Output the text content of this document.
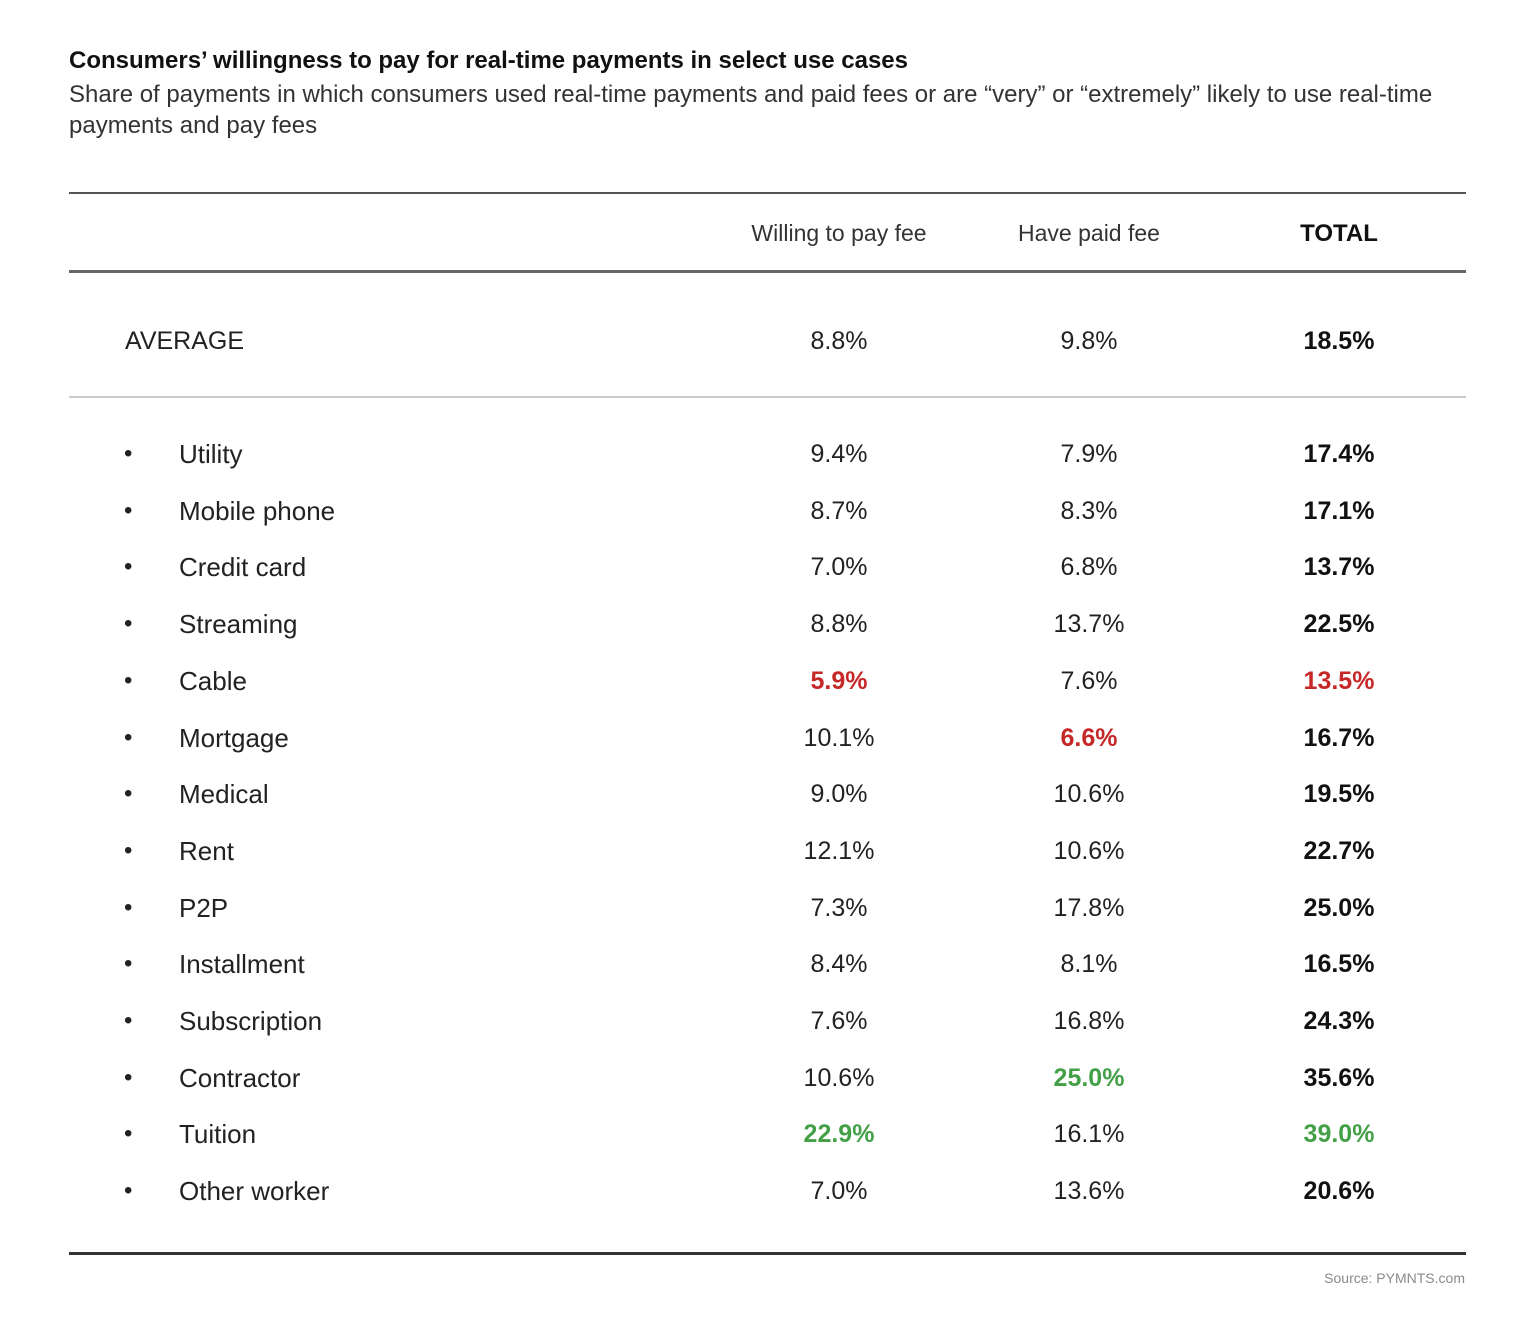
Consumers’ willingness to pay for real-time payments in select use cases
Share of payments in which consumers used real-time payments and paid fees or are “very” or “extremely” likely to use real-time payments and pay fees
Willing to pay fee	Have paid fee	TOTAL
AVERAGE	8.8%	9.8%	18.5%
• Utility	9.4%	7.9%	17.4%
• Mobile phone	8.7%	8.3%	17.1%
• Credit card	7.0%	6.8%	13.7%
• Streaming	8.8%	13.7%	22.5%
• Cable	5.9%	7.6%	13.5%
• Mortgage	10.1%	6.6%	16.7%
• Medical	9.0%	10.6%	19.5%
• Rent	12.1%	10.6%	22.7%
• P2P	7.3%	17.8%	25.0%
• Installment	8.4%	8.1%	16.5%
• Subscription	7.6%	16.8%	24.3%
• Contractor	10.6%	25.0%	35.6%
• Tuition	22.9%	16.1%	39.0%
• Other worker	7.0%	13.6%	20.6%
Source: PYMNTS.com
